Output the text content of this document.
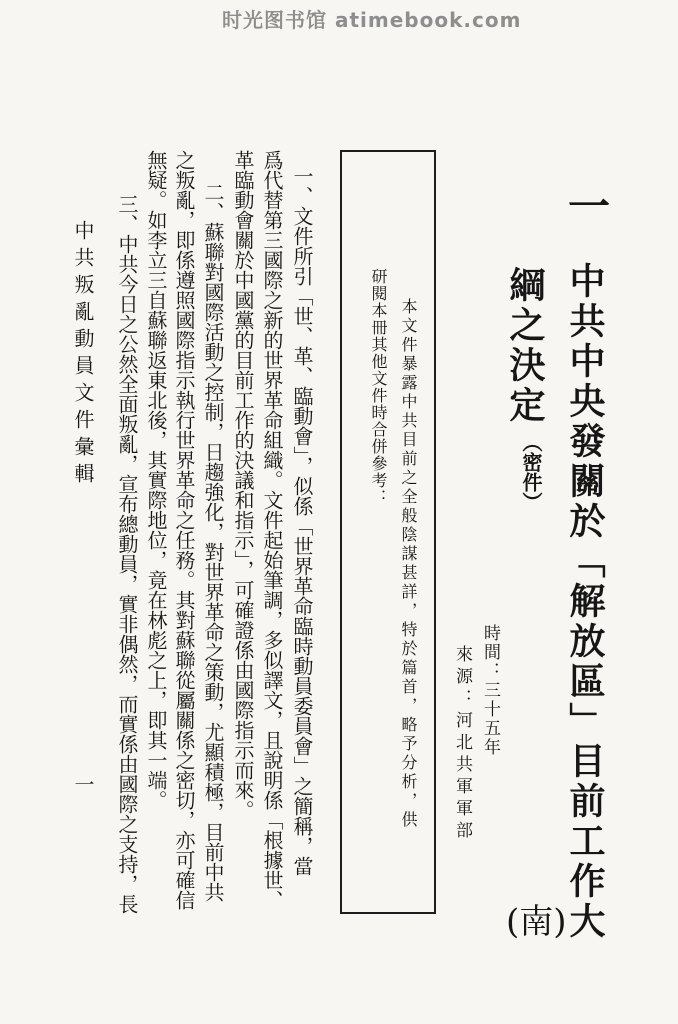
时光图书馆 atimebook.com
一
中共中央發關於「解放區」目前工作大
綱之決定
（密件）
(南)
時間：三十五年
來源：河北共軍軍部
本文件暴露中共目前之全般陰謀甚詳，特於篇首，略予分析，供
研閱本冊其他文件時合併參考：
一、文件所引「世、革、臨動會」，似係「世界革命臨時動員委員會」之簡稱，當
爲代替第三國際之新的世界革命組織。文件起始筆調，多似譯文，且說明係「根據世、
革臨動會關於中國黨的目前工作的決議和指示」，可確證係由國際指示而來。
二、蘇聯對國際活動之控制，日趨強化，對世界革命之策動，尤顯積極，目前中共
之叛亂，即係遵照國際指示執行世界革命之任務。其對蘇聯從屬關係之密切，亦可確信
無疑。如李立三自蘇聯返東北後，其實際地位，竟在林彪之上，即其一端。
三、中共今日之公然全面叛亂，宣布總動員，實非偶然，而實係由國際之支持，長
中共叛亂動員文件彙輯
一
